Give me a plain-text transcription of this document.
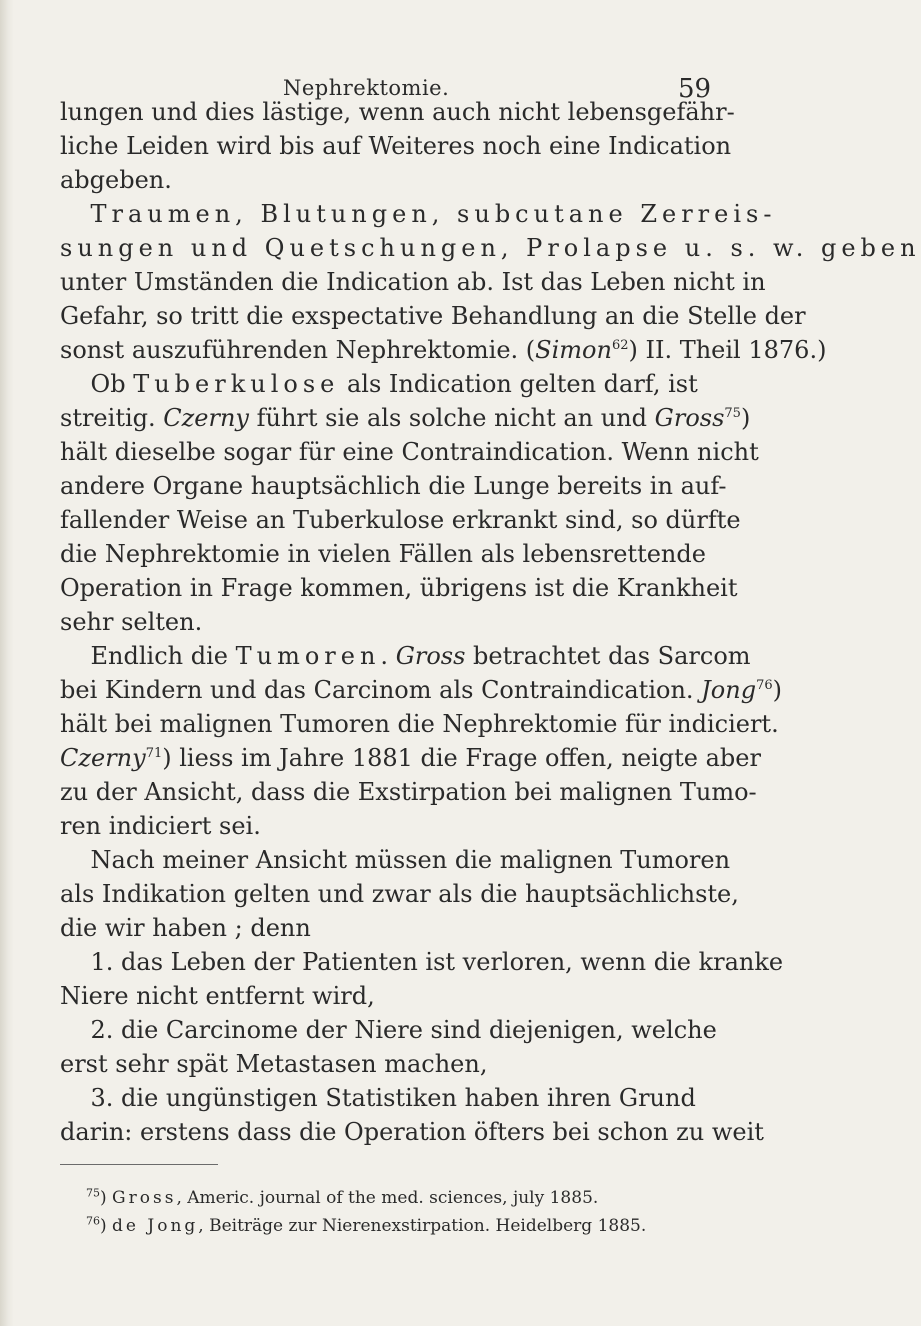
Nephrektomie.	59
lungen und dies lästige, wenn auch nicht lebensgefähr-
liche Leiden wird bis auf Weiteres noch eine Indication
abgeben.
Traumen, Blutungen, subcutane Zerreis-
sungen und Quetschungen, Prolapse u. s. w. geben
unter Umständen die Indication ab. Ist das Leben nicht in
Gefahr, so tritt die exspectative Behandlung an die Stelle der
sonst auszuführenden Nephrektomie. (Simon$^{62}$) II. Theil 1876.)
Ob Tuberkulose als Indication gelten darf, ist
streitig. Czerny führt sie als solche nicht an und Gross$^{75}$)
hält dieselbe sogar für eine Contraindication. Wenn nicht
andere Organe hauptsächlich die Lunge bereits in auf-
fallender Weise an Tuberkulose erkrankt sind, so dürfte
die Nephrektomie in vielen Fällen als lebensrettende
Operation in Frage kommen, übrigens ist die Krankheit
sehr selten.
Endlich die Tumoren. Gross betrachtet das Sarcom
bei Kindern und das Carcinom als Contraindication. Jong$^{76}$)
hält bei malignen Tumoren die Nephrektomie für indiciert.
Czerny$^{71}$) liess im Jahre 1881 die Frage offen, neigte aber
zu der Ansicht, dass die Exstirpation bei malignen Tumo-
ren indiciert sei.
Nach meiner Ansicht müssen die malignen Tumoren
als Indikation gelten und zwar als die hauptsächlichste,
die wir haben ; denn
1. das Leben der Patienten ist verloren, wenn die kranke
Niere nicht entfernt wird,
2. die Carcinome der Niere sind diejenigen, welche
erst sehr spät Metastasen machen,
3. die ungünstigen Statistiken haben ihren Grund
darin: erstens dass die Operation öfters bei schon zu weit
$^{75}$) Gross, Americ. journal of the med. sciences, july 1885.
$^{76}$) de Jong, Beiträge zur Nierenexstirpation. Heidelberg 1885.
